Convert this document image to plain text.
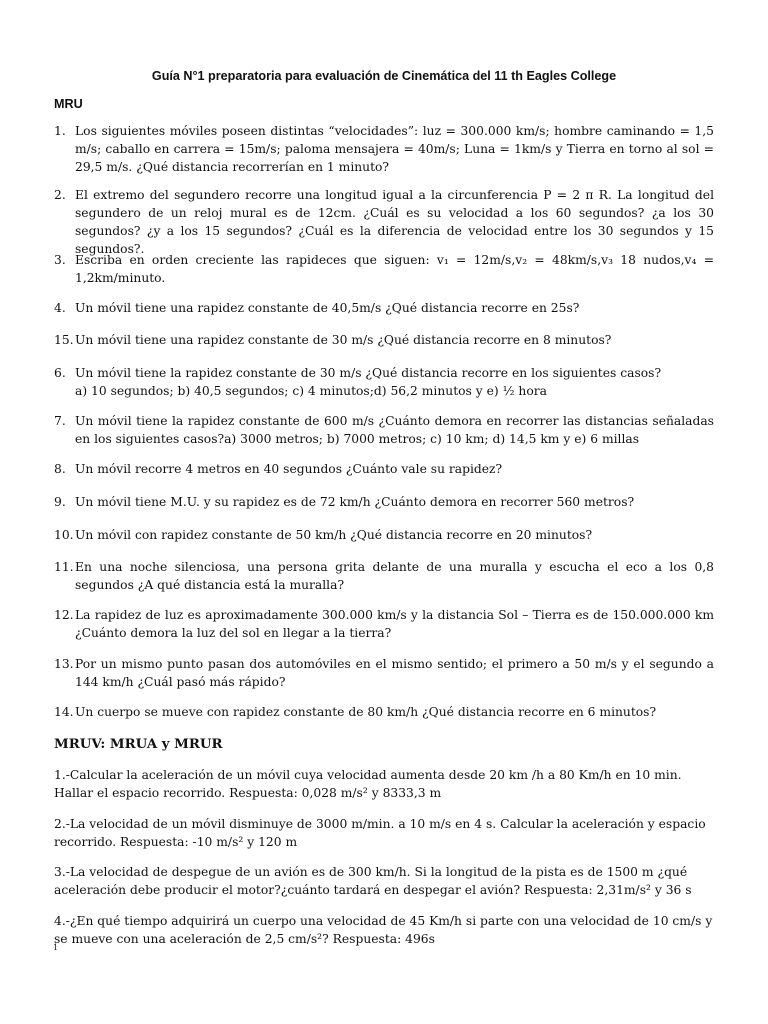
Guía N°1 preparatoria para evaluación de Cinemática del 11 th Eagles College
MRU
1. Los siguientes móviles poseen distintas “velocidades”: luz = 300.000 km/s; hombre caminando = 1,5 m/s; caballo en carrera = 15m/s; paloma mensajera = 40m/s; Luna = 1km/s y Tierra en torno al sol = 29,5 m/s. ¿Qué distancia recorrerían en 1 minuto?
2. El extremo del segundero recorre una longitud igual a la circunferencia P = 2 π R. La longitud del segundero de un reloj mural es de 12cm. ¿Cuál es su velocidad a los 60 segundos? ¿a los 30 segundos? ¿y a los 15 segundos? ¿Cuál es la diferencia de velocidad entre los 30 segundos y 15 segundos?.
3. Escriba en orden creciente las rapideces que siguen: v₁ = 12m/s,v₂ = 48km/s,v₃ 18 nudos,v₄ = 1,2km/minuto.
4. Un móvil tiene una rapidez constante de 40,5m/s ¿Qué distancia recorre en 25s?
15. Un móvil tiene una rapidez constante de 30 m/s ¿Qué distancia recorre en 8 minutos?
6. Un móvil tiene la rapidez constante de 30 m/s ¿Qué distancia recorre en los siguientes casos?
a) 10 segundos; b) 40,5 segundos; c) 4 minutos;d) 56,2 minutos y e) ½ hora
7. Un móvil tiene la rapidez constante de 600 m/s ¿Cuánto demora en recorrer las distancias señaladas en los siguientes casos?a) 3000 metros; b) 7000 metros; c) 10 km; d) 14,5 km y e) 6 millas
8. Un móvil recorre 4 metros en 40 segundos ¿Cuánto vale su rapidez?
9. Un móvil tiene M.U. y su rapidez es de 72 km/h ¿Cuánto demora en recorrer 560 metros?
10. Un móvil con rapidez constante de 50 km/h ¿Qué distancia recorre en 20 minutos?
11. En una noche silenciosa, una persona grita delante de una muralla y escucha el eco a los 0,8 segundos ¿A qué distancia está la muralla?
12. La rapidez de luz es aproximadamente 300.000 km/s y la distancia Sol – Tierra es de 150.000.000 km ¿Cuánto demora la luz del sol en llegar a la tierra?
13. Por un mismo punto pasan dos automóviles en el mismo sentido; el primero a 50 m/s y el segundo a 144 km/h ¿Cuál pasó más rápido?
14. Un cuerpo se mueve con rapidez constante de 80 km/h ¿Qué distancia recorre en 6 minutos?
MRUV: MRUA y MRUR
1.-Calcular la aceleración de un móvil cuya velocidad aumenta desde 20 km /h a 80 Km/h en 10 min. Hallar el espacio recorrido. Respuesta: 0,028 m/s² y 8333,3 m
2.-La velocidad de un móvil disminuye de 3000 m/min. a 10 m/s en 4 s. Calcular la aceleración y espacio recorrido. Respuesta: -10 m/s² y 120 m
3.-La velocidad de despegue de un avión es de 300 km/h. Si la longitud de la pista es de 1500 m ¿qué aceleración debe producir el motor?¿cuánto tardará en despegar el avión? Respuesta: 2,31m/s² y 36 s
4.-¿En qué tiempo adquirirá un cuerpo una velocidad de 45 Km/h si parte con una velocidad de 10 cm/s y se mueve con una aceleración de 2,5 cm/s²? Respuesta: 496s
1
